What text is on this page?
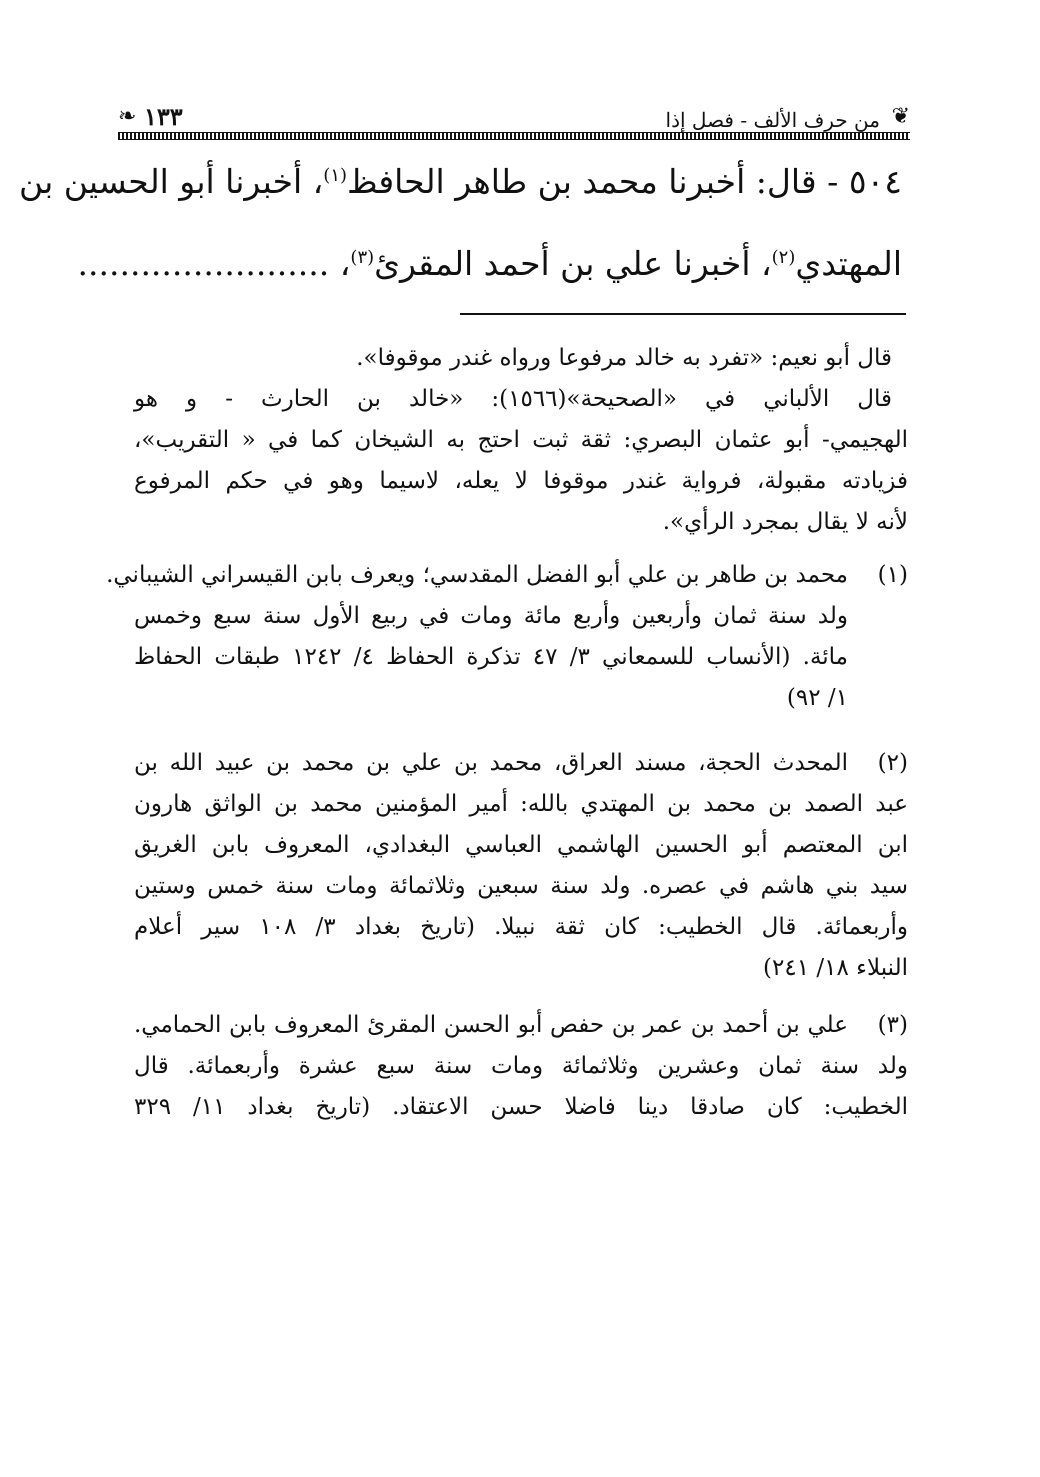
❦
من حرف الألف - فصل إذا
١٣٣
❧
٥٠٤ - قال: أخبرنا محمد بن طاهر الحافظ$^{(١)}$، أخبرنا أبو الحسين بن
المهتدي$^{(٢)}$، أخبرنا علي بن أحمد المقرئ$^{(٣)}$، ........................
قال أبو نعيم: «تفرد به خالد مرفوعا ورواه غندر موقوفا».
قال الألباني في «الصحيحة»(١٥٦٦): «خالد بن الحارث - و هو
الهجيمي- أبو عثمان البصري: ثقة ثبت احتج به الشيخان كما في « التقريب»،
فزيادته مقبولة، فرواية غندر موقوفا لا يعله، لاسيما وهو في حكم المرفوع
لأنه لا يقال بمجرد الرأي».
(١)
محمد بن طاهر بن علي أبو الفضل المقدسي؛ ويعرف بابن القيسراني الشيباني.
ولد سنة ثمان وأربعين وأربع مائة ومات في ربيع الأول سنة سبع وخمس
مائة. (الأنساب للسمعاني ٣/ ٤٧ تذكرة الحفاظ ٤/ ١٢٤٢ طبقات الحفاظ
١/ ٩٢)
(٢)
المحدث الحجة، مسند العراق، محمد بن علي بن محمد بن عبيد الله بن
عبد الصمد بن محمد بن المهتدي بالله: أمير المؤمنين محمد بن الواثق هارون
ابن المعتصم أبو الحسين الهاشمي العباسي البغدادي، المعروف بابن الغريق
سيد بني هاشم في عصره. ولد سنة سبعين وثلاثمائة ومات سنة خمس وستين
وأربعمائة. قال الخطيب: كان ثقة نبيلا. (تاريخ بغداد ٣/ ١٠٨ سير أعلام
النبلاء ١٨/ ٢٤١)
(٣)
علي بن أحمد بن عمر بن حفص أبو الحسن المقرئ المعروف بابن الحمامي.
ولد سنة ثمان وعشرين وثلاثمائة ومات سنة سبع عشرة وأربعمائة. قال
الخطيب: كان صادقا دينا فاضلا حسن الاعتقاد. (تاريخ بغداد ١١/ ٣٢٩
